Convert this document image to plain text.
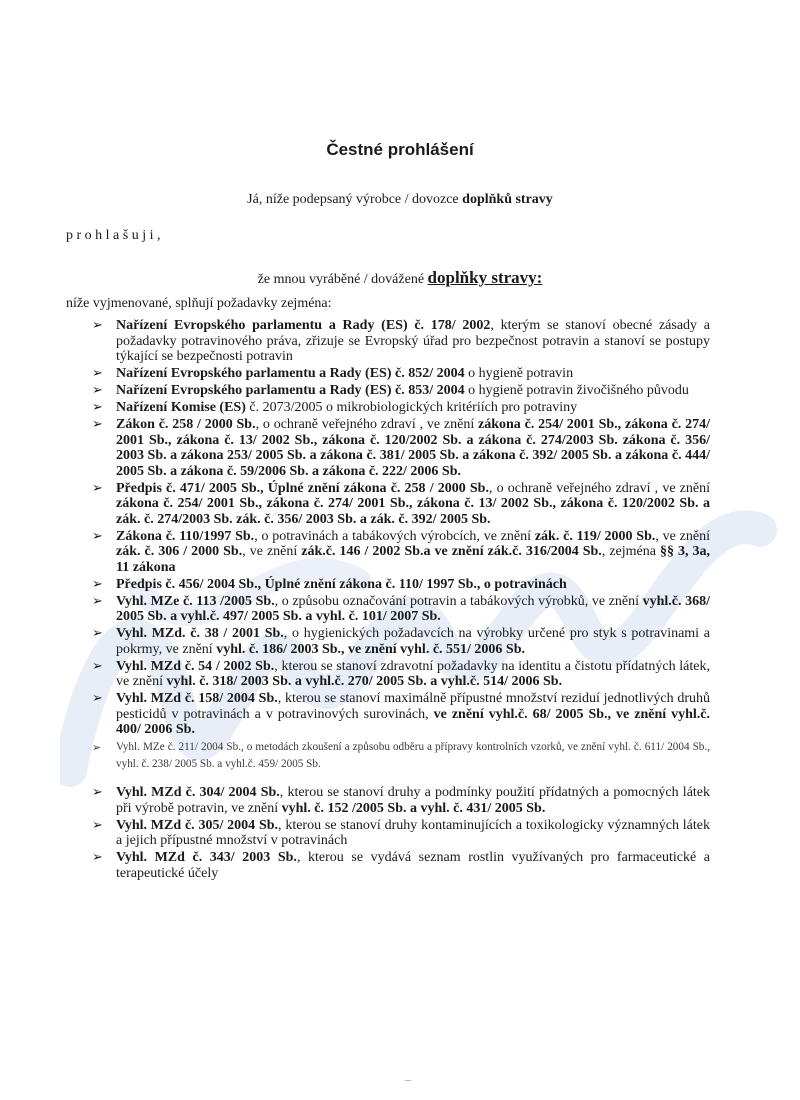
Čestné prohlášení
Já, níže podepsaný výrobce / dovozce doplňků stravy
prohlašuji,
že mnou vyráběné / dovážené doplňky stravy:
níže vyjmenované, splňují požadavky zejména:
➢ Nařízení Evropského parlamentu a Rady (ES) č. 178/ 2002, kterým se stanoví obecné zásady a požadavky potravinového práva, zřizuje se Evropský úřad pro bezpečnost potravin a stanoví se postupy týkající se bezpečnosti potravin
➢ Nařízení Evropského parlamentu a Rady (ES) č. 852/ 2004 o hygieně potravin
➢ Nařízení Evropského parlamentu a Rady (ES) č. 853/ 2004 o hygieně potravin živočišného původu
➢ Nařízení Komise (ES) č. 2073/2005 o mikrobiologických kritériích pro potraviny
➢ Zákon č. 258 / 2000 Sb., o ochraně veřejného zdraví , ve znění zákona č. 254/ 2001 Sb., zákona č. 274/ 2001 Sb., zákona č. 13/ 2002 Sb., zákona č. 120/2002 Sb. a zákona č. 274/2003 Sb. zákona č. 356/ 2003 Sb. a zákona 253/ 2005 Sb. a zákona č. 381/ 2005 Sb. a zákona č. 392/ 2005 Sb. a zákona č. 444/ 2005 Sb. a zákona č. 59/2006 Sb. a zákona č. 222/ 2006 Sb.
➢ Předpis č. 471/ 2005 Sb., Úplné znění zákona č. 258 / 2000 Sb., o ochraně veřejného zdraví , ve znění zákona č. 254/ 2001 Sb., zákona č. 274/ 2001 Sb., zákona č. 13/ 2002 Sb., zákona č. 120/2002 Sb. a zák. č. 274/2003 Sb. zák. č. 356/ 2003 Sb. a zák. č. 392/ 2005 Sb.
➢ Zákona č. 110/1997 Sb., o potravinách a tabákových výrobcích, ve znění zák. č. 119/ 2000 Sb., ve znění zák. č. 306 / 2000 Sb., ve znění zák.č. 146 / 2002 Sb.a ve znění zák.č. 316/2004 Sb., zejména §§ 3, 3a, 11 zákona
➢ Předpis č. 456/ 2004 Sb., Úplné znění zákona č. 110/ 1997 Sb., o potravinách
➢ Vyhl. MZe č. 113 /2005 Sb., o způsobu označování potravin a tabákových výrobků, ve znění vyhl.č. 368/ 2005 Sb. a vyhl.č. 497/ 2005 Sb. a vyhl. č. 101/ 2007 Sb.
➢ Vyhl. MZd. č. 38 / 2001 Sb., o hygienických požadavcích na výrobky určené pro styk s potravinami a pokrmy, ve znění vyhl. č. 186/ 2003 Sb., ve znění vyhl. č. 551/ 2006 Sb.
➢ Vyhl. MZd č. 54 / 2002 Sb., kterou se stanoví zdravotní požadavky na identitu a čistotu přídatných látek, ve znění vyhl. č. 318/ 2003 Sb. a vyhl.č. 270/ 2005 Sb. a vyhl.č. 514/ 2006 Sb.
➢ Vyhl. MZd č. 158/ 2004 Sb., kterou se stanoví maximálně přípustné množství reziduí jednotlivých druhů pesticidů v potravinách a v potravinových surovinách, ve znění vyhl.č. 68/ 2005 Sb., ve znění vyhl.č. 400/ 2006 Sb.
➢ Vyhl. MZe č. 211/ 2004 Sb., o metodách zkoušení a způsobu odběru a přípravy kontrolních vzorků, ve znění vyhl. č. 611/ 2004 Sb., vyhl. č. 238/ 2005 Sb. a vyhl.č. 459/ 2005 Sb.
➢ Vyhl. MZd č. 304/ 2004 Sb., kterou se stanoví druhy a podmínky použití přídatných a pomocných látek při výrobě potravin, ve znění vyhl. č. 152 /2005 Sb. a vyhl. č. 431/ 2005 Sb.
➢ Vyhl. MZd č. 305/ 2004 Sb., kterou se stanoví druhy kontaminujících a toxikologicky významných látek a jejich přípustné množství v potravinách
➢ Vyhl. MZd č. 343/ 2003 Sb., kterou se vydává seznam rostlin využívaných pro farmaceutické a terapeutické účely
